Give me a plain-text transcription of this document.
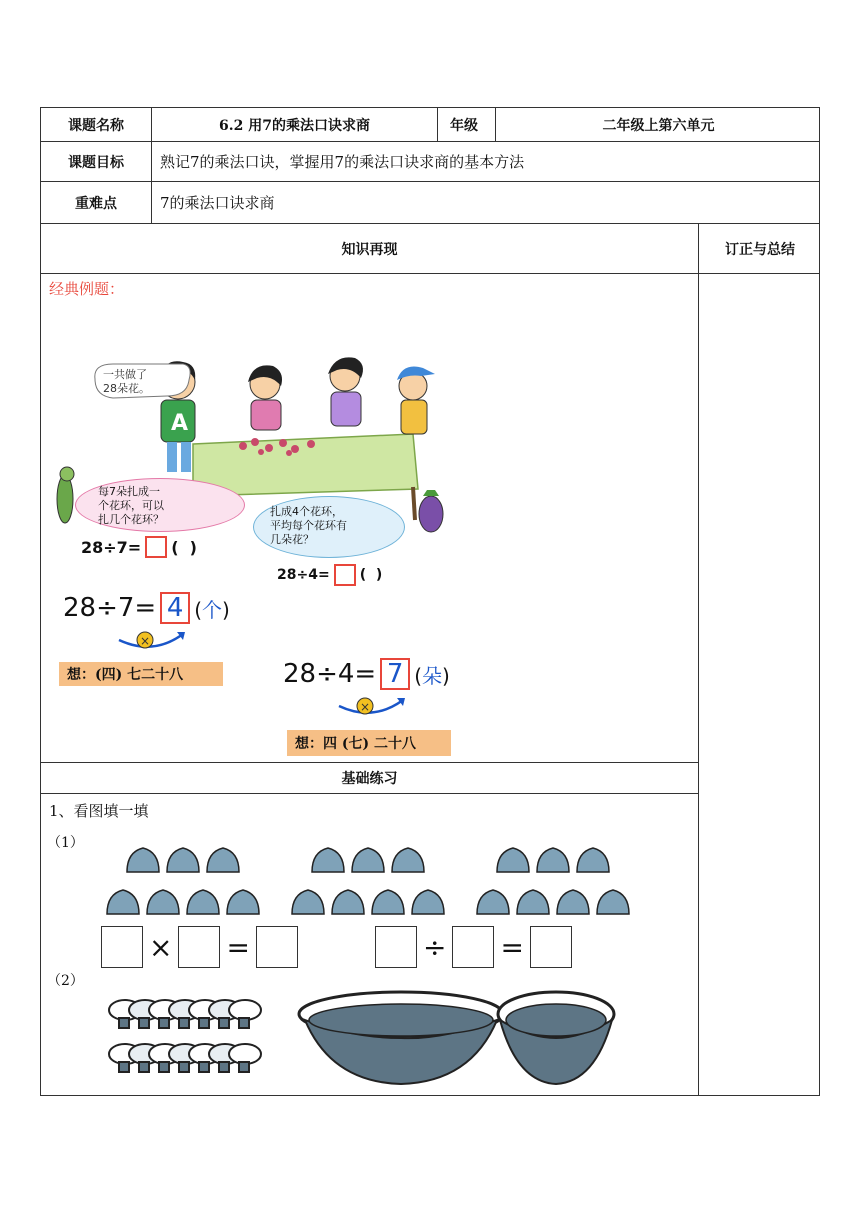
课题名称	6.2 用7的乘法口诀求商	年级	二年级上第六单元
课题目标	熟记7的乘法口诀，掌握用7的乘法口诀求商的基本方法
重难点	7的乘法口诀求商
知识再现	订正与总结
经典例题：
A
一共做了
28朵花。
每7朵扎成一
个花环，可以
扎几个花环？
扎成4个花环，
平均每个花环有
几朵花？
28÷7= (  )
28÷4= (  )
28÷7= 4 (个)
×
想：(四) 七二十八	28÷4= 7 (朵)
×
想：四 (七) 二十八
基础练习
1、看图填一填
（1）
× =	÷ =
（2）
